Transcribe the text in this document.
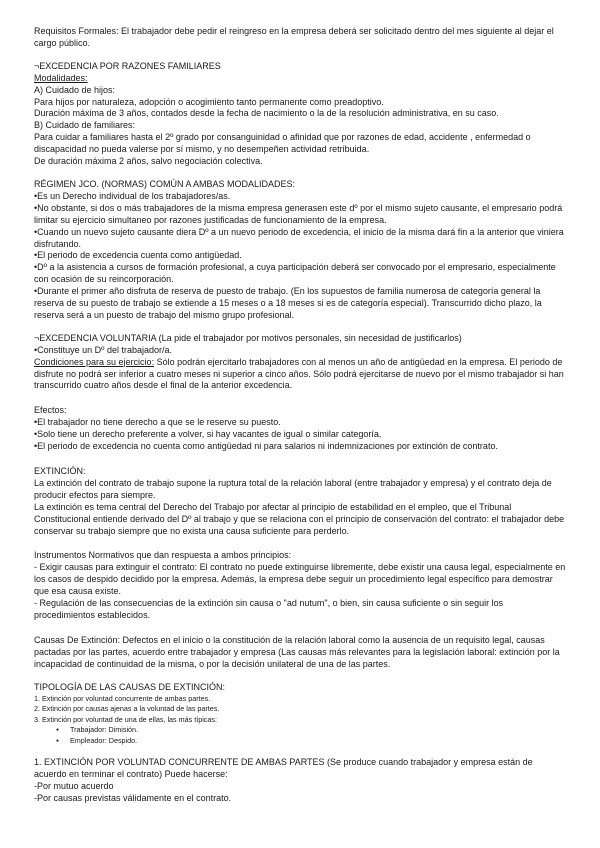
Requisitos Formales: El trabajador debe pedir el reingreso en la empresa deberá ser solicitado dentro del mes siguiente al dejar el cargo público.

¬EXCEDENCIA POR RAZONES FAMILIARES

Modalidades:

A) Cuidado de hijos:

Para hijos por naturaleza, adopción o acogimiento tanto permanente como preadoptivo.

Duración máxima de 3 años, contados desde la fecha de nacimiento o la de la resolución administrativa, en su caso.

B) Cuidado de familiares:

Para cuidar a familiares hasta el 2º grado por consanguinidad o afinidad que por razones de edad, accidente , enfermedad o discapacidad no pueda valerse por sí mismo, y no desempeñen actividad retribuida.

De duración máxima 2 años, salvo negociación colectiva.

RÉGIMEN JCO. (NORMAS) COMÚN A AMBAS MODALIDADES:

•Es un Derecho individual de los trabajadores/as.

•No obstante, si dos o más trabajadores de la misma empresa generasen este dº por el mismo sujeto causante, el empresario podrá limitar su ejercicio simultaneo por razones justificadas de funcionamiento de la empresa.

•Cuando un nuevo sujeto causante diera Dº a un nuevo periodo de excedencia, el inicio de la misma dará fin a la anterior que viniera disfrutando.

•El periodo de excedencia cuenta como antigüedad.

•Dº a la asistencia a cursos de formación profesional, a cuya participación deberá ser convocado por el empresario, especialmente con ocasión de su reincorporación.

•Durante el primer año disfruta de reserva de puesto de trabajo. (En los supuestos de familia numerosa de categoría general la reserva de su puesto de trabajo se extiende a 15 meses o a 18 meses si es de categoría especial). Transcurrido dicho plazo, la reserva será a un puesto de trabajo del mismo grupo profesional.

¬EXCEDENCIA VOLUNTARIA (La pide el trabajador por motivos personales, sin necesidad de justificarlos)

•Constituye un Dº del trabajador/a.

Condiciones para su ejercicio: Sólo podrán ejercitarlo trabajadores con al menos un año de antigüedad en la empresa. El periodo de disfrute no podrá ser inferior a cuatro meses ni superior a cinco años. Sólo podrá ejercitarse de nuevo por el mismo trabajador si han transcurrido cuatro años desde el final de la anterior excedencia.

Efectos:

•El trabajador no tiene derecho a que se le reserve su puesto.

•Solo tiene un derecho preferente a volver, si hay vacantes de igual o similar categoría.

•El periodo de excedencia no cuenta como antigüedad ni para salarios ni indemnizaciones por extinción de contrato.

EXTINCIÓN:

La extinción del contrato de trabajo supone la ruptura total de la relación laboral (entre trabajador y empresa) y el contrato deja de producir efectos para siempre.

La extinción es tema central del Derecho del Trabajo por afectar al principio de estabilidad en el empleo, que el Tribunal Constitucional entiende derivado del Dº al trabajo y que se relaciona con el principio de conservación del contrato: el trabajador debe conservar su trabajo siempre que no exista una causa suficiente para perderlo.

Instrumentos Normativos que dan respuesta a ambos principios:

- Exigir causas para extinguir el contrato: El contrato no puede extinguirse libremente, debe existir una causa legal, especialmente en los casos de despido decidido por la empresa. Además, la empresa debe seguir un procedimiento legal específico para demostrar que esa causa existe.

- Regulación de las consecuencias de la extinción sin causa o "ad nutum", o bien, sin causa suficiente o sin seguir los procedimientos establecidos.

Causas De Extinción: Defectos en el inicio o la constitución de la relación laboral como la ausencia de un requisito legal, causas pactadas por las partes, acuerdo entre trabajador y empresa (Las causas más relevantes para la legislación laboral: extinción por la incapacidad de continuidad de la misma, o por la decisión unilateral de una de las partes.

TIPOLOGÍA DE LAS CAUSAS DE EXTINCIÓN:

1. Extinción por voluntad concurrente de ambas partes.

2. Extinción por causas ajenas a la voluntad de las partes.

3. Extinción por voluntad de una de ellas, las más típicas:

● Trabajador: Dimisión.

● Empleador: Despido.

1. EXTINCIÓN POR VOLUNTAD CONCURRENTE DE AMBAS PARTES (Se produce cuando trabajador y empresa están de acuerdo en terminar el contrato) Puede hacerse:

-Por mutuo acuerdo

-Por causas previstas válidamente en el contrato.
